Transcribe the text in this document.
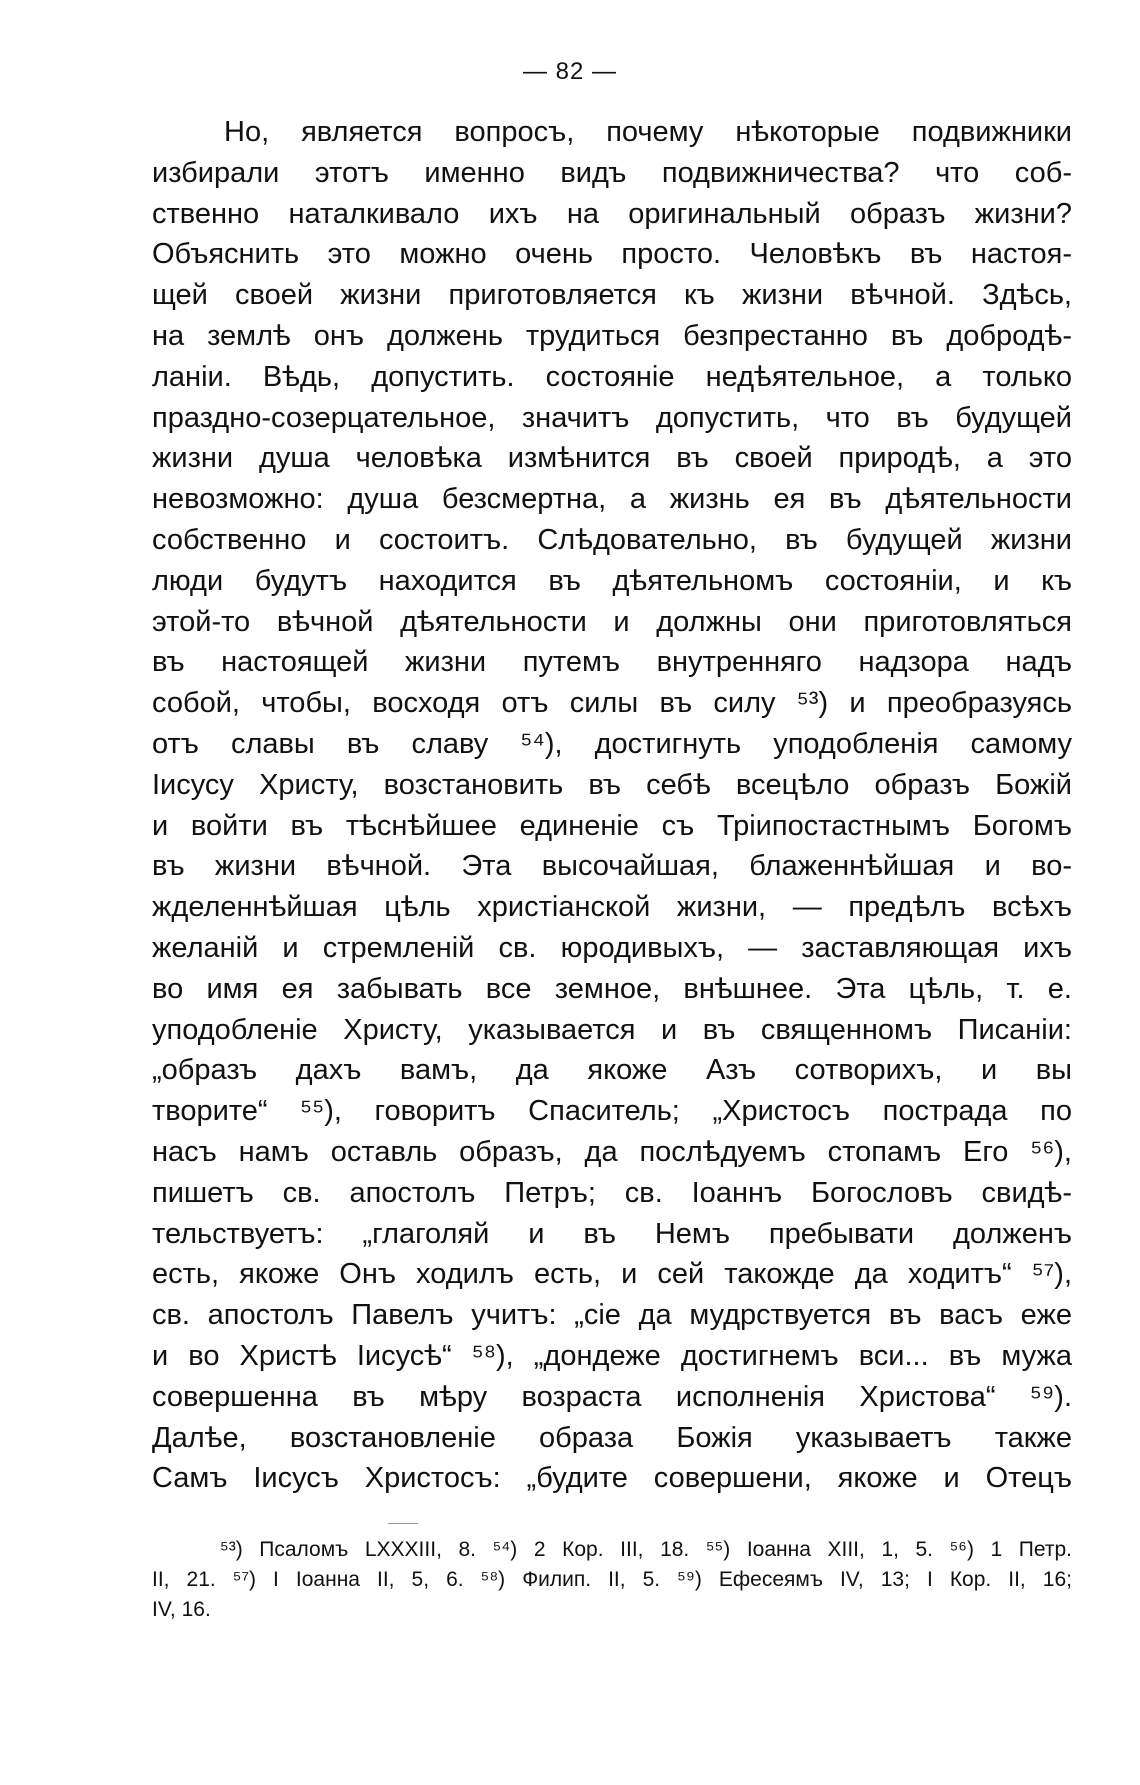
— 82 —
Но, является вопросъ, почему нѣкоторые подвижники
избирали этотъ именно видъ подвижничества? что соб-
ственно наталкивало ихъ на оригинальный образъ жизни?
Объяснить это можно очень просто. Человѣкъ въ настоя-
щей своей жизни приготовляется къ жизни вѣчной. Здѣсь,
на землѣ онъ должень трудиться безпрестанно въ добродѣ-
ланіи. Вѣдь, допустить. состояніе недѣятельное, а только
праздно-созерцательное, значитъ допустить, что въ будущей
жизни душа человѣка измѣнится въ своей природѣ, а это
невозможно: душа безсмертна, а жизнь ея въ дѣятельности
собственно и состоитъ. Слѣдовательно, въ будущей жизни
люди будутъ находится въ дѣятельномъ состояніи, и къ
этой-то вѣчной дѣятельности и должны они приготовляться
въ настоящей жизни путемъ внутренняго надзора надъ
собой, чтобы, восходя отъ силы въ силу ⁵³) и преобразуясь
отъ славы въ славу ⁵⁴), достигнуть уподобленія самому
Іисусу Христу, возстановить въ себѣ всецѣло образъ Божій
и войти въ тѣснѣйшее единеніе съ Тріипостастнымъ Богомъ
въ жизни вѣчной. Эта высочайшая, блаженнѣйшая и во-
жделеннѣйшая цѣль христіанской жизни, — предѣлъ всѣхъ
желаній и стремленій св. юродивыхъ, — заставляющая ихъ
во имя ея забывать все земное, внѣшнее. Эта цѣль, т. е.
уподобленіе Христу, указывается и въ священномъ Писаніи:
„образъ дахъ вамъ, да якоже Азъ сотворихъ, и вы
творите“ ⁵⁵), говоритъ Спаситель; „Христосъ пострада по
насъ намъ оставль образъ, да послѣдуемъ стопамъ Его ⁵⁶),
пишетъ св. апостолъ Петръ; св. Іоаннъ Богословъ свидѣ-
тельствуетъ: „глаголяй и въ Немъ пребывати долженъ
есть, якоже Онъ ходилъ есть, и сей такожде да ходитъ“ ⁵⁷),
св. апостолъ Павелъ учитъ: „сіе да мудрствуется въ васъ еже
и во Христѣ Іисусѣ“ ⁵⁸), „дондеже достигнемъ вси... въ мужа
совершенна въ мѣру возраста исполненія Христова“ ⁵⁹).
Далѣе, возстановленіе образа Божія указываетъ также
Самъ Іисусъ Христосъ: „будите совершени, якоже и Отецъ
⁵³) Псаломъ LXXXIII, 8. ⁵⁴) 2 Кор. III, 18. ⁵⁵) Іоанна XIII, 1, 5. ⁵⁶) 1 Петр.
II, 21. ⁵⁷) I Іоанна II, 5, 6. ⁵⁸) Филип. II, 5. ⁵⁹) Ефесеямъ IV, 13; I Кор. II, 16;
IV, 16.
